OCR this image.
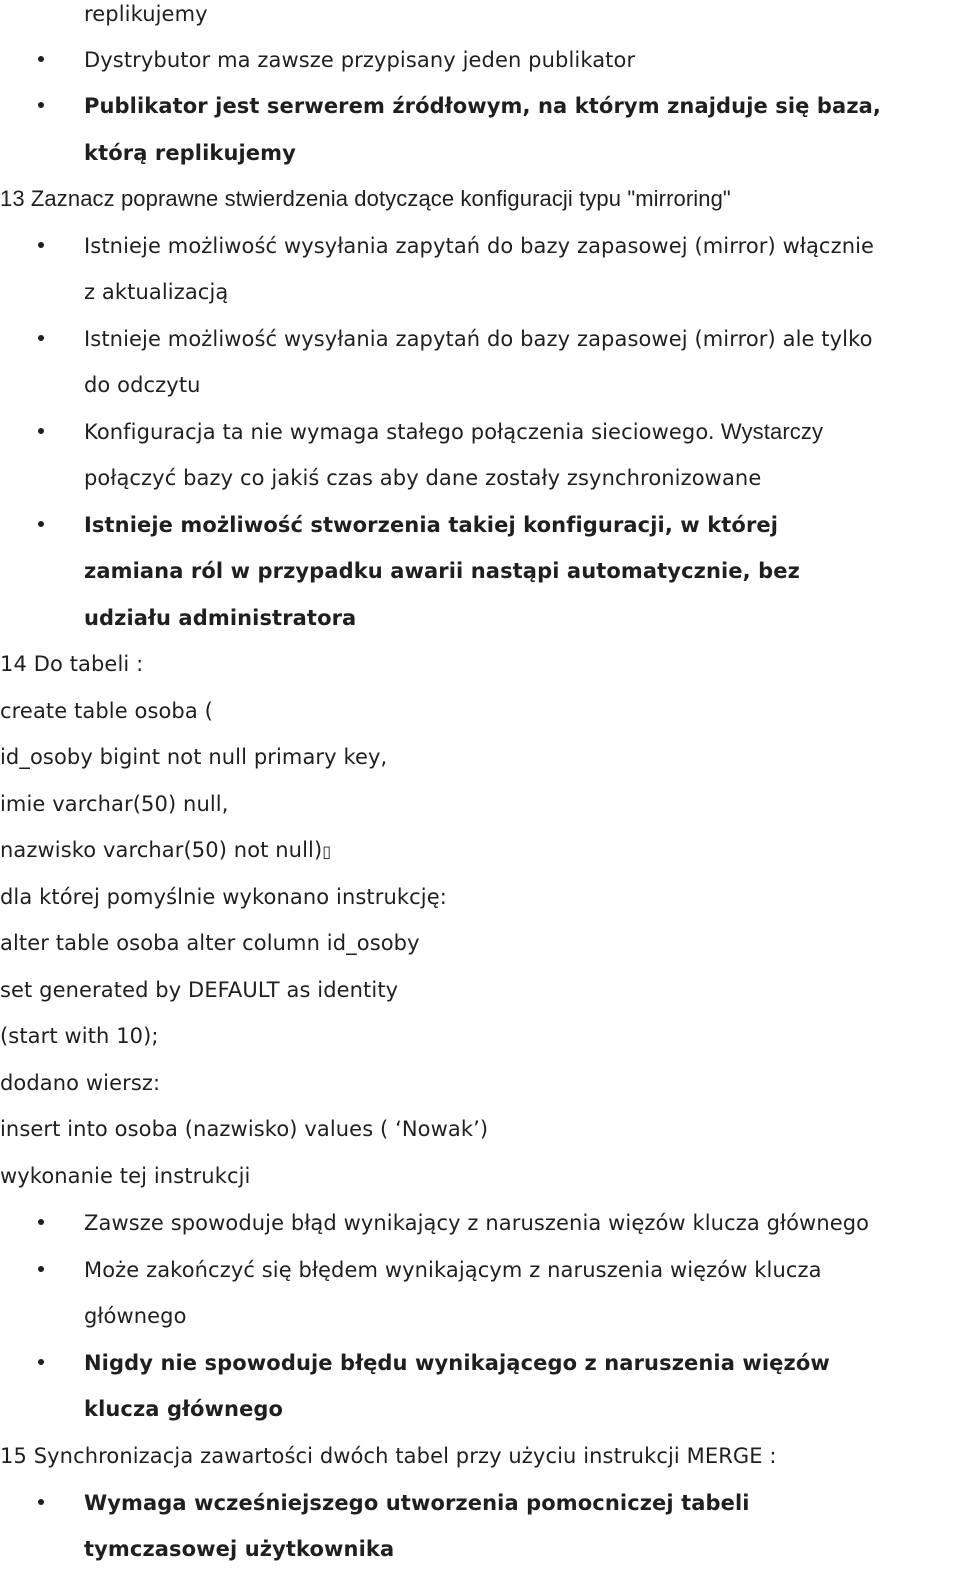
replikujemy
Dystrybutor ma zawsze przypisany jeden publikator
Publikator jest serwerem źródłowym, na którym znajduje się baza,
którą replikujemy
13 Zaznacz poprawne stwierdzenia dotyczące konfiguracji typu "mirroring"
Istnieje możliwość wysyłania zapytań do bazy zapasowej (mirror) włącznie
z aktualizacją
Istnieje możliwość wysyłania zapytań do bazy zapasowej (mirror) ale tylko
do odczytu
Konfiguracja ta nie wymaga stałego połączenia sieciowego. Wystarczy
połączyć bazy co jakiś czas aby dane zostały zsynchronizowane
Istnieje możliwość stworzenia takiej konfiguracji, w której
zamiana ról w przypadku awarii nastąpi automatycznie, bez
udziału administratora
14 Do tabeli :
create table osoba (
id_osoby bigint not null primary key,
imie varchar(50) null,
nazwisko varchar(50) not null)▯
dla której pomyślnie wykonano instrukcję:
alter table osoba alter column id_osoby
set generated by DEFAULT as identity
(start with 10);
dodano wiersz:
insert into osoba (nazwisko) values ( ‘Nowak’)
wykonanie tej instrukcji
Zawsze spowoduje błąd wynikający z naruszenia więzów klucza głównego
Może zakończyć się błędem wynikającym z naruszenia więzów klucza
głównego
Nigdy nie spowoduje błędu wynikającego z naruszenia więzów
klucza głównego
15 Synchronizacja zawartości dwóch tabel przy użyciu instrukcji MERGE :
Wymaga wcześniejszego utworzenia pomocniczej tabeli
tymczasowej użytkownika
